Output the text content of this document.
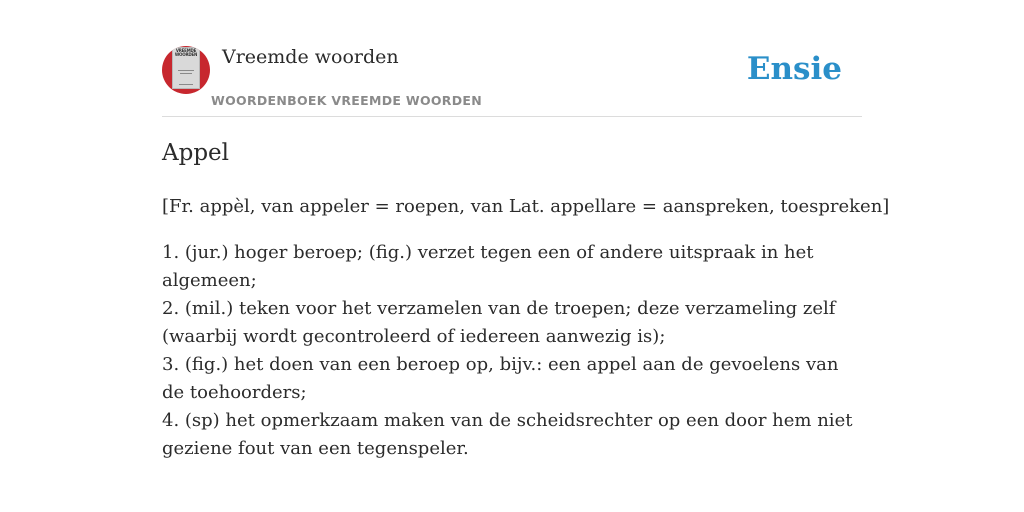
VREEMDE WOORDEN Vreemde woorden
WOORDENBOEK VREEMDE WOORDEN
Ensie
Appel

[Fr. appèl, van appeler = roepen, van Lat. appellare = aanspreken, toespreken]

1. (jur.) hoger beroep; (fig.) verzet tegen een of andere uitspraak in het algemeen;
2. (mil.) teken voor het verzamelen van de troepen; deze verzameling zelf (waarbij wordt gecontroleerd of iedereen aanwezig is);
3. (fig.) het doen van een beroep op, bijv.: een appel aan de gevoelens van de toehoorders;
4. (sp) het opmerkzaam maken van de scheidsrechter op een door hem niet geziene fout van een tegenspeler.
